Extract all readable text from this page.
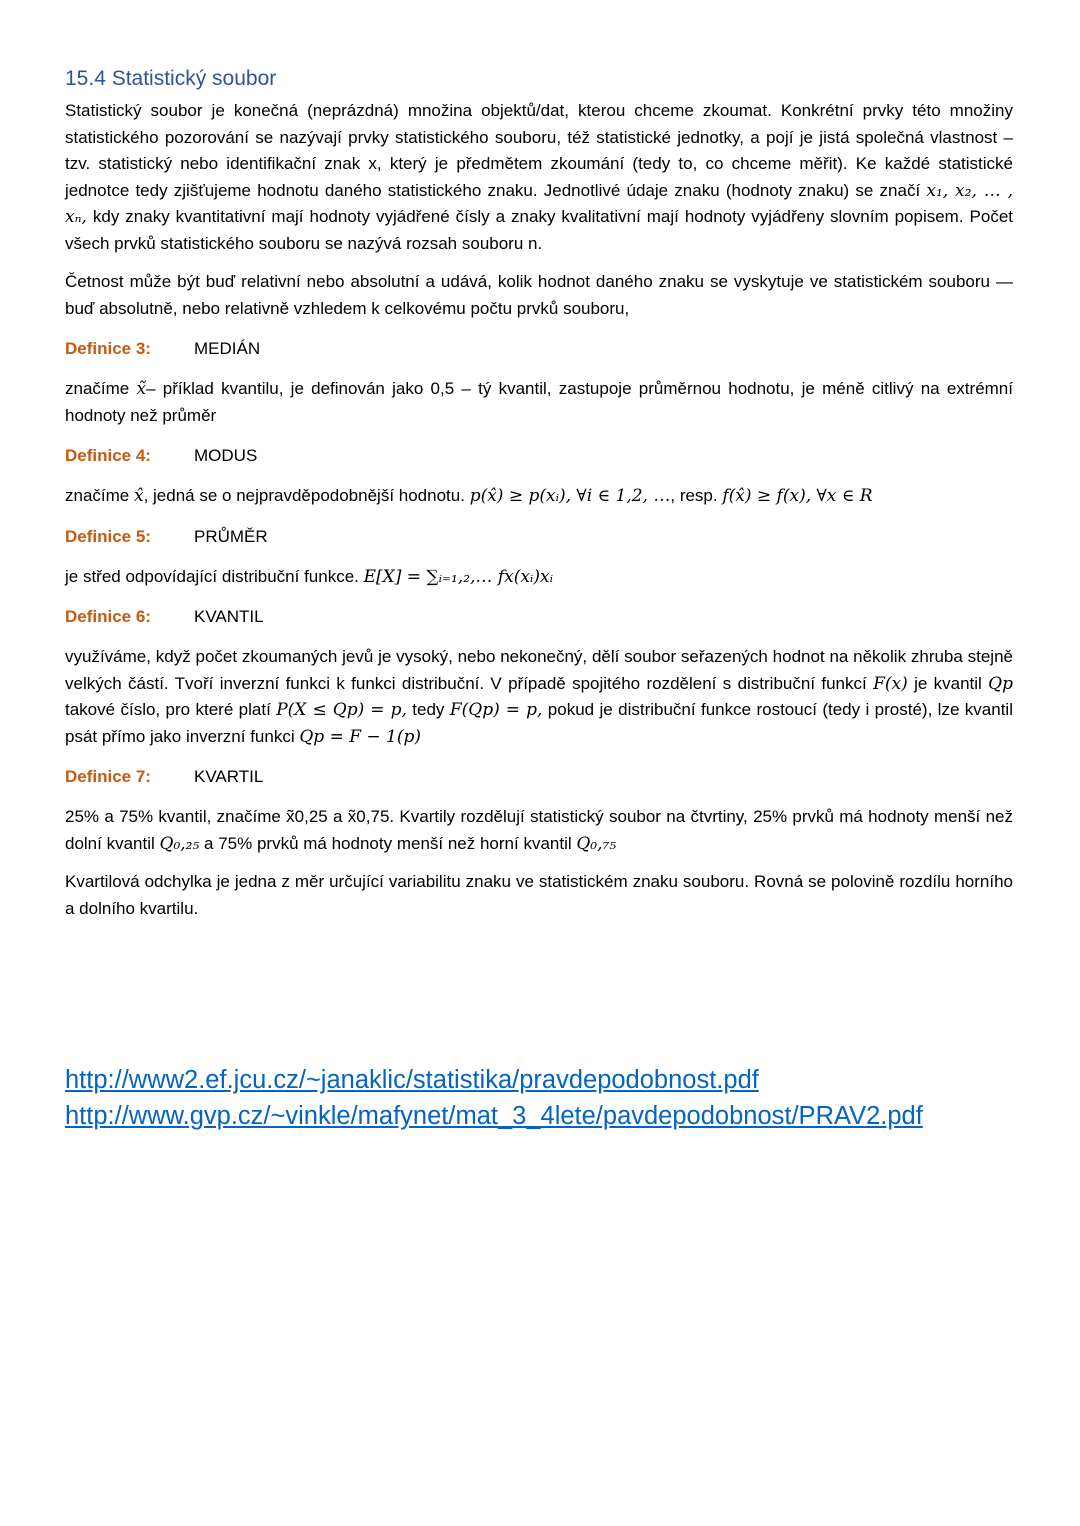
15.4 Statistický soubor

Statistický soubor je konečná (neprázdná) množina objektů/dat, kterou chceme zkoumat. Konkrétní prvky této množiny statistického pozorování se nazývají prvky statistického souboru, též statistické jednotky, a pojí je jistá společná vlastnost – tzv. statistický nebo identifikační znak x, který je předmětem zkoumání (tedy to, co chceme měřit). Ke každé statistické jednotce tedy zjišťujeme hodnotu daného statistického znaku. Jednotlivé údaje znaku (hodnoty znaku) se značí x₁, x₂, … , xₙ, kdy znaky kvantitativní mají hodnoty vyjádřené čísly a znaky kvalitativní mají hodnoty vyjádřeny slovním popisem. Počet všech prvků statistického souboru se nazývá rozsah souboru n.

Četnost může být buď relativní nebo absolutní a udává, kolik hodnot daného znaku se vyskytuje ve statistickém souboru — buď absolutně, nebo relativně vzhledem k celkovému počtu prvků souboru,

Definice 3:	MEDIÁN

značíme x̃– příklad kvantilu, je definován jako 0,5 – tý kvantil, zastupoje průměrnou hodnotu, je méně citlivý na extrémní hodnoty než průměr

Definice 4:	MODUS

značíme x̂, jedná se o nejpravděpodobnější hodnotu. p(x̂) ≥ p(xᵢ), ∀i ∈ 1,2, …, resp. f(x̂) ≥ f(x), ∀x ∈ R

Definice 5:	PRŮMĚR

je střed odpovídající distribuční funkce. E[X] = ∑ᵢ₌₁,₂,… fx(xᵢ)xᵢ

Definice 6:	KVANTIL

využíváme, když počet zkoumaných jevů je vysoký, nebo nekonečný, dělí soubor seřazených hodnot na několik zhruba stejně velkých částí. Tvoří inverzní funkci k funkci distribuční. V případě spojitého rozdělení s distribuční funkcí F(x) je kvantil Qp takové číslo, pro které platí P(X ≤ Qp) = p, tedy F(Qp) = p, pokud je distribuční funkce rostoucí (tedy i prosté), lze kvantil psát přímo jako inverzní funkci Qp = F − 1(p)

Definice 7:	KVARTIL

25% a 75% kvantil, značíme x̃0,25 a x̃0,75. Kvartily rozdělují statistický soubor na čtvrtiny, 25% prvků má hodnoty menší než dolní kvantil Q₀,₂₅ a 75% prvků má hodnoty menší než horní kvantil Q₀,₇₅

Kvartilová odchylka je jedna z měr určující variabilitu znaku ve statistickém znaku souboru. Rovná se polovině rozdílu horního a dolního kvartilu.

http://www2.ef.jcu.cz/~janaklic/statistika/pravdepodobnost.pdf
http://www.gvp.cz/~vinkle/mafynet/mat_3_4lete/pavdepodobnost/PRAV2.pdf
